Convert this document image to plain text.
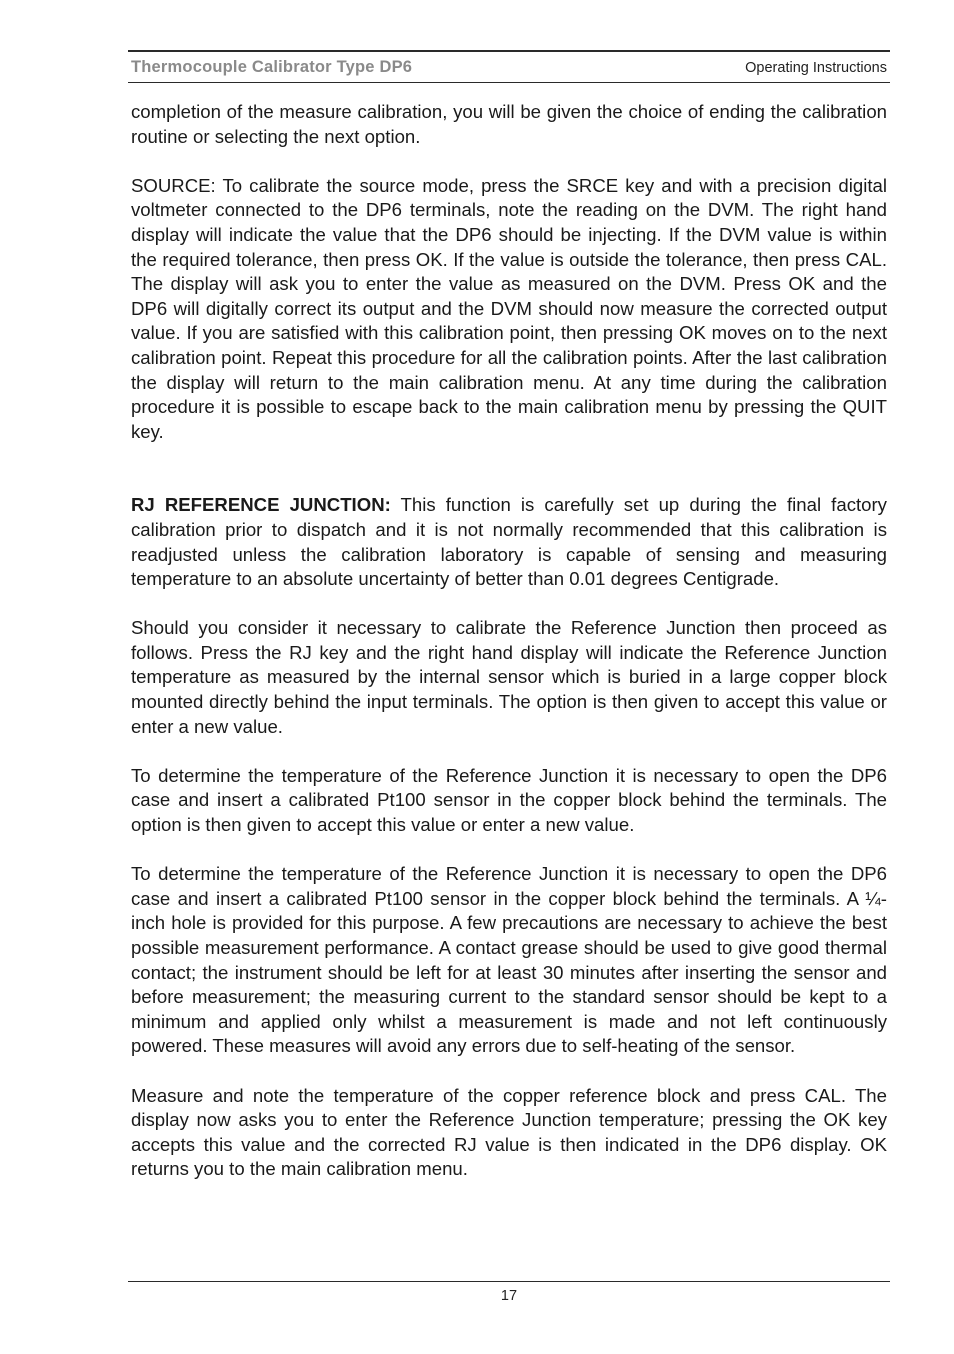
Thermocouple Calibrator Type DP6	Operating Instructions

completion of the measure calibration, you will be given the choice of ending the calibration routine or selecting the next option.

SOURCE: To calibrate the source mode, press the SRCE key and with a precision digital voltmeter connected to the DP6 terminals, note the reading on the DVM. The right hand display will indicate the value that the DP6 should be injecting. If the DVM value is within the required tolerance, then press OK. If the value is outside the tolerance, then press CAL. The display will ask you to enter the value as measured on the DVM. Press OK and the DP6 will digitally correct its output and the DVM should now measure the corrected output value. If you are satisfied with this calibration point, then pressing OK moves on to the next calibration point. Repeat this procedure for all the calibration points. After the last calibration the display will return to the main calibration menu. At any time during the calibration procedure it is possible to escape back to the main calibration menu by pressing the QUIT key.

RJ REFERENCE JUNCTION: This function is carefully set up during the final factory calibration prior to dispatch and it is not normally recommended that this calibration is readjusted unless the calibration laboratory is capable of sensing and measuring temperature to an absolute uncertainty of better than 0.01 degrees Centigrade.

Should you consider it necessary to calibrate the Reference Junction then proceed as follows. Press the RJ key and the right hand display will indicate the Reference Junction temperature as measured by the internal sensor which is buried in a large copper block mounted directly behind the input terminals. The option is then given to accept this value or enter a new value.

To determine the temperature of the Reference Junction it is necessary to open the DP6 case and insert a calibrated Pt100 sensor in the copper block behind the terminals. The option is then given to accept this value or enter a new value.

To determine the temperature of the Reference Junction it is necessary to open the DP6 case and insert a calibrated Pt100 sensor in the copper block behind the terminals. A ¼-inch hole is provided for this purpose. A few precautions are necessary to achieve the best possible measurement performance. A contact grease should be used to give good thermal contact; the instrument should be left for at least 30 minutes after inserting the sensor and before measurement; the measuring current to the standard sensor should be kept to a minimum and applied only whilst a measurement is made and not left continuously powered. These measures will avoid any errors due to self-heating of the sensor.

Measure and note the temperature of the copper reference block and press CAL. The display now asks you to enter the Reference Junction temperature; pressing the OK key accepts this value and the corrected RJ value is then indicated in the DP6 display. OK returns you to the main calibration menu.

17
